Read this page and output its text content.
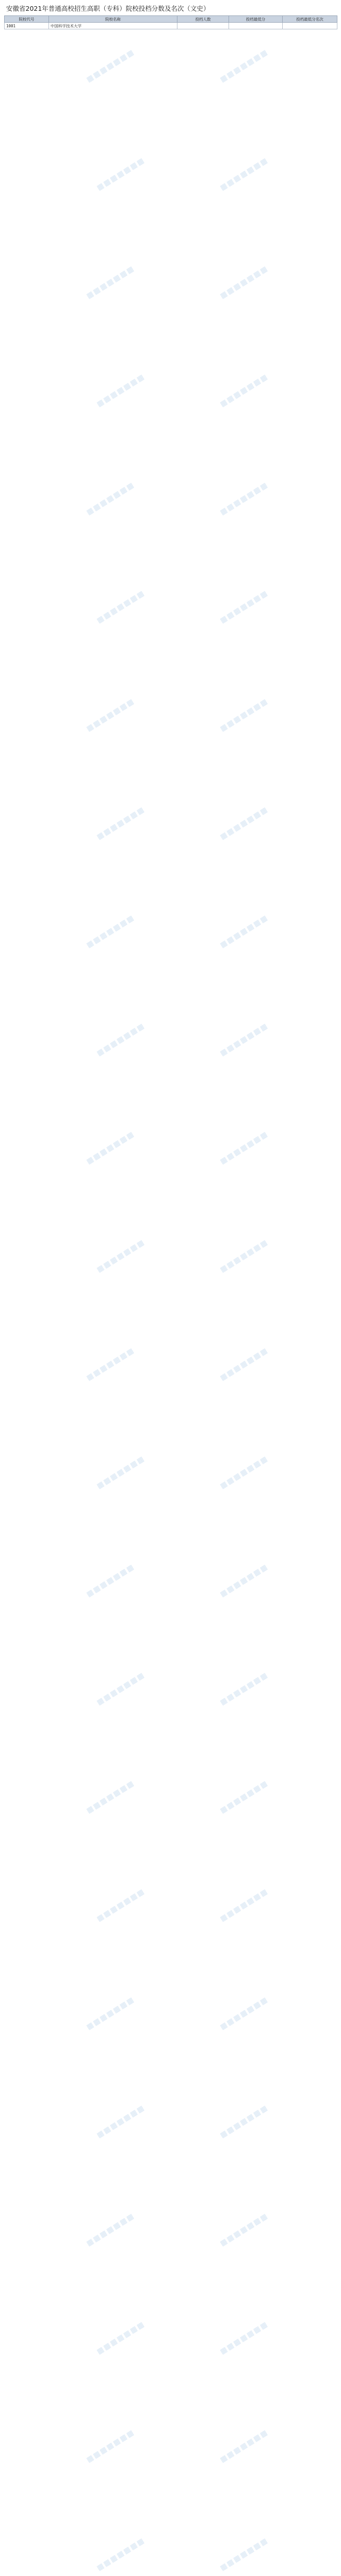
安徽省2021年普通高校招生高职（专科）院校投档分数及名次（文史）
院校代号	院校名称	投档人数	投档最低分	投档最低分名次
1001	中国科学技术大学			
▦▦▦▦▦▦▦	▦▦▦▦▦▦▦
▦▦▦▦▦▦▦	▦▦▦▦▦▦▦
▦▦▦▦▦▦▦	▦▦▦▦▦▦▦
▦▦▦▦▦▦▦	▦▦▦▦▦▦▦
▦▦▦▦▦▦▦	▦▦▦▦▦▦▦
▦▦▦▦▦▦▦	▦▦▦▦▦▦▦
▦▦▦▦▦▦▦	▦▦▦▦▦▦▦
▦▦▦▦▦▦▦	▦▦▦▦▦▦▦
▦▦▦▦▦▦▦	▦▦▦▦▦▦▦
▦▦▦▦▦▦▦	▦▦▦▦▦▦▦
▦▦▦▦▦▦▦	▦▦▦▦▦▦▦
▦▦▦▦▦▦▦	▦▦▦▦▦▦▦
▦▦▦▦▦▦▦	▦▦▦▦▦▦▦
▦▦▦▦▦▦▦	▦▦▦▦▦▦▦
▦▦▦▦▦▦▦	▦▦▦▦▦▦▦
▦▦▦▦▦▦▦	▦▦▦▦▦▦▦
▦▦▦▦▦▦▦	▦▦▦▦▦▦▦
▦▦▦▦▦▦▦	▦▦▦▦▦▦▦
▦▦▦▦▦▦▦	▦▦▦▦▦▦▦
▦▦▦▦▦▦▦	▦▦▦▦▦▦▦
▦▦▦▦▦▦▦	▦▦▦▦▦▦▦
▦▦▦▦▦▦▦	▦▦▦▦▦▦▦
▦▦▦▦▦▦▦	▦▦▦▦▦▦▦
▦▦▦▦▦▦▦	▦▦▦▦▦▦▦
